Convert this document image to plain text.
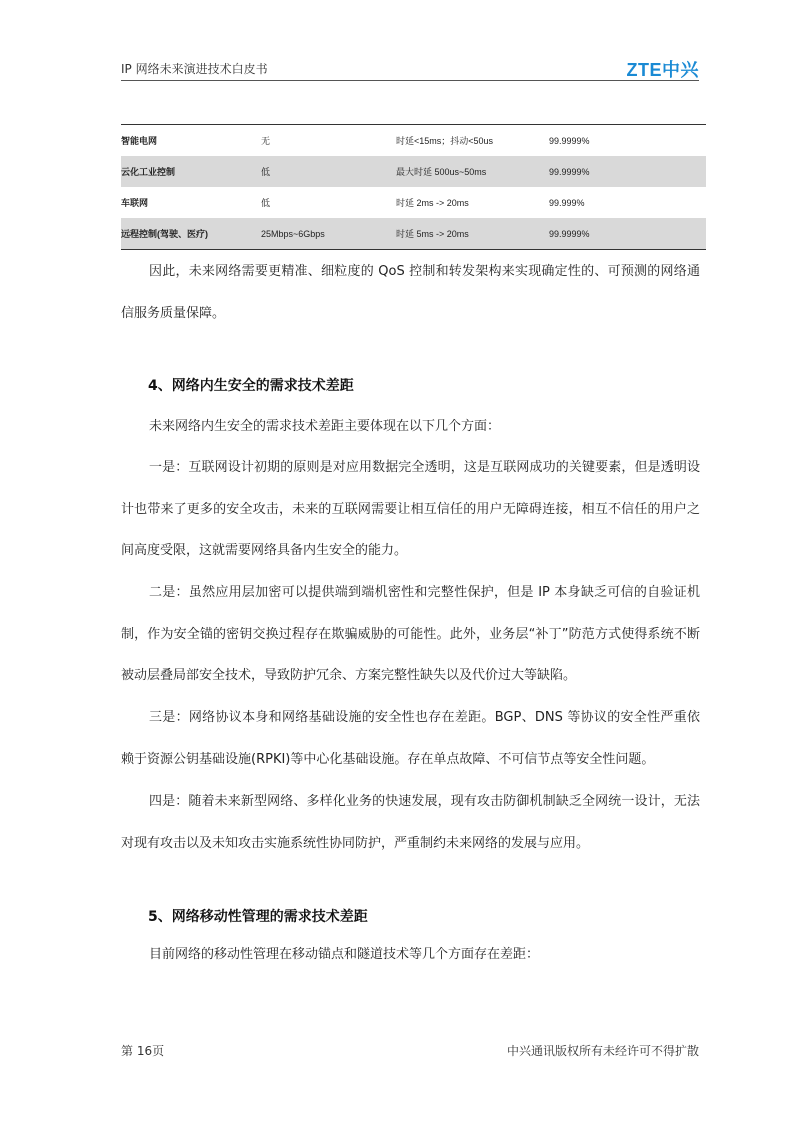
IP 网络未来演进技术白皮书	ZTE中兴
智能电网	无	时延<15ms；抖动<50us	99.9999%
云化工业控制	低	最大时延 500us~50ms	99.9999%
车联网	低	时延 2ms -> 20ms	99.999%
远程控制(驾驶、医疗)	25Mbps~6Gbps	时延 5ms -> 20ms	99.9999%

因此，未来网络需要更精准、细粒度的 QoS 控制和转发架构来实现确定性的、可预测的网络通信服务质量保障。

4、网络内生安全的需求技术差距

未来网络内生安全的需求技术差距主要体现在以下几个方面：

一是：互联网设计初期的原则是对应用数据完全透明，这是互联网成功的关键要素，但是透明设计也带来了更多的安全攻击，未来的互联网需要让相互信任的用户无障碍连接，相互不信任的用户之间高度受限，这就需要网络具备内生安全的能力。

二是：虽然应用层加密可以提供端到端机密性和完整性保护，但是 IP 本身缺乏可信的自验证机制，作为安全锚的密钥交换过程存在欺骗威胁的可能性。此外，业务层“补丁”防范方式使得系统不断被动层叠局部安全技术，导致防护冗余、方案完整性缺失以及代价过大等缺陷。

三是：网络协议本身和网络基础设施的安全性也存在差距。BGP、DNS 等协议的安全性严重依赖于资源公钥基础设施(RPKI)等中心化基础设施。存在单点故障、不可信节点等安全性问题。

四是：随着未来新型网络、多样化业务的快速发展，现有攻击防御机制缺乏全网统一设计，无法对现有攻击以及未知攻击实施系统性协同防护，严重制约未来网络的发展与应用。

5、网络移动性管理的需求技术差距

目前网络的移动性管理在移动锚点和隧道技术等几个方面存在差距：

第 16页	中兴通讯版权所有未经许可不得扩散
